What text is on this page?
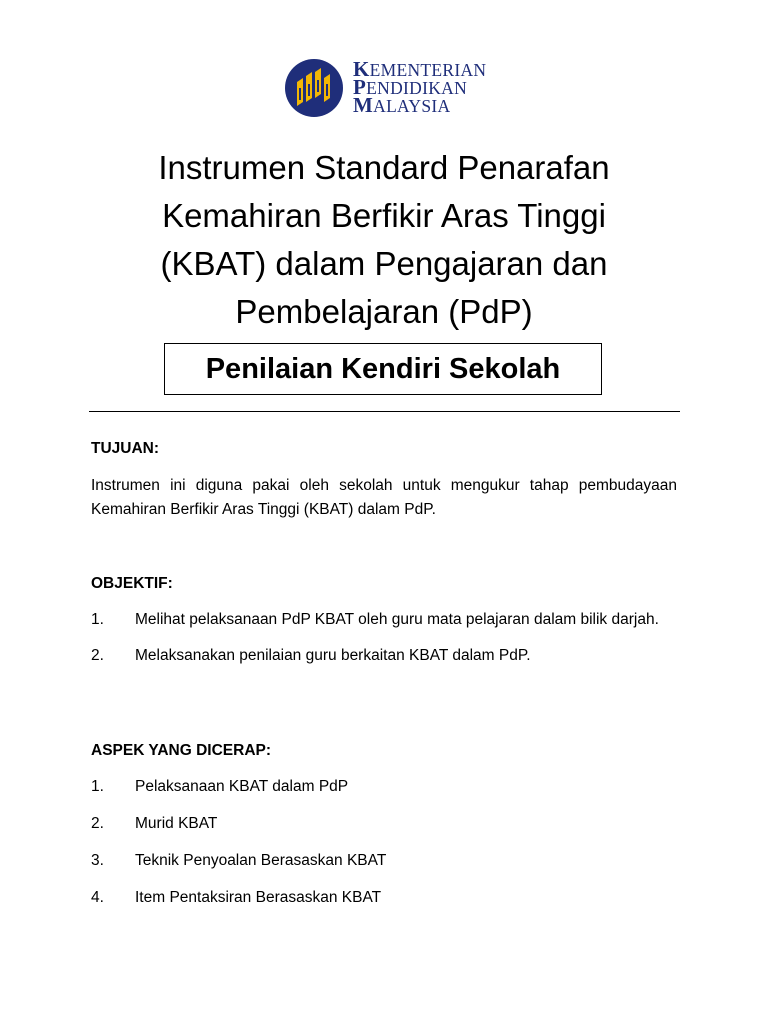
KEMENTERIAN
PENDIDIKAN
MALAYSIA
Instrumen Standard Penarafan
Kemahiran Berfikir Aras Tinggi
(KBAT) dalam Pengajaran dan
Pembelajaran (PdP)
Penilaian Kendiri Sekolah
TUJUAN:

Instrumen ini diguna pakai oleh sekolah untuk mengukur tahap pembudayaan Kemahiran Berfikir Aras Tinggi (KBAT) dalam PdP.

OBJEKTIF:
1. Melihat pelaksanaan PdP KBAT oleh guru mata pelajaran dalam bilik darjah.
2. Melaksanakan penilaian guru berkaitan KBAT dalam PdP.
ASPEK YANG DICERAP:
1. Pelaksanaan KBAT dalam PdP
2. Murid KBAT
3. Teknik Penyoalan Berasaskan KBAT
4. Item Pentaksiran Berasaskan KBAT
